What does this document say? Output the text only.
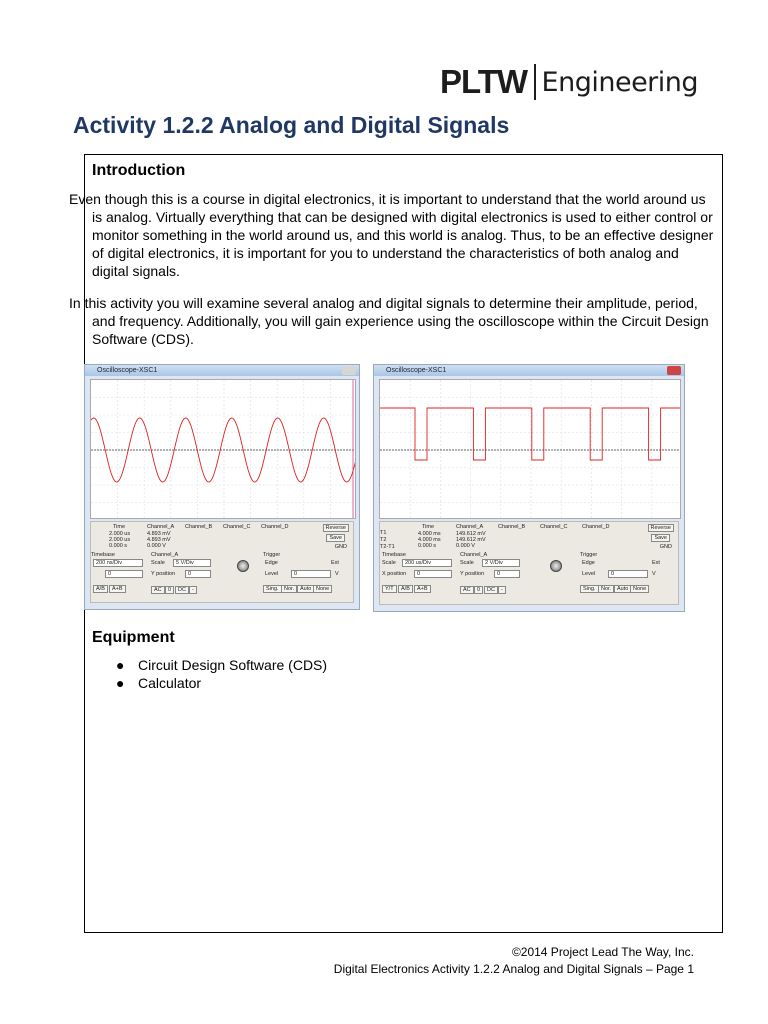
PLTW Engineering
Activity 1.2.2 Analog and Digital Signals
Introduction

Even though this is a course in digital electronics, it is important to understand that the world around us is analog. Virtually everything that can be designed with digital electronics is used to either control or monitor something in the world around us, and this world is analog. Thus, to be an effective designer of digital electronics, it is important for you to understand the characteristics of both analog and digital signals.

In this activity you will examine several analog and digital signals to determine their amplitude, period, and frequency. Additionally, you will gain experience using the oscilloscope within the Circuit Design Software (CDS).

Oscilloscope-XSC1
Time	Channel_A Channel_B Channel_C Channel_D
2.000 us
2.000 us
0.000 s
4.893 mV
4.893 mV
0.000 V
Reverse
Save
GND
Timebase
200 ns/Div
0
Channel_A
Scale	5 V/Div
Y position	0
Trigger
Edge
Level	0	V
Ext
A/B	A+B	AC	0	DC	-	Sing. Nor.	Auto None
Oscilloscope-XSC1
T1
T2
T2-T1
Time	Channel_A	Channel_B	Channel_C	Channel_D
4.000 ms
4.000 ms
0.000 s
149.612 mV
149.612 mV
0.000 V
Reverse
Save
GND
Timebase
Scale	200 us/Div
X position	0
Channel_A
Scale	2 V/Div
Y position	0
Trigger
Edge
Level	0	V
Ext
Y/T	A/B	A+B	AC	0	DC	-	Sing. Nor.	Auto None
Equipment
● Circuit Design Software (CDS)
● Calculator
©2014 Project Lead The Way, Inc.
Digital Electronics Activity 1.2.2 Analog and Digital Signals – Page 1
